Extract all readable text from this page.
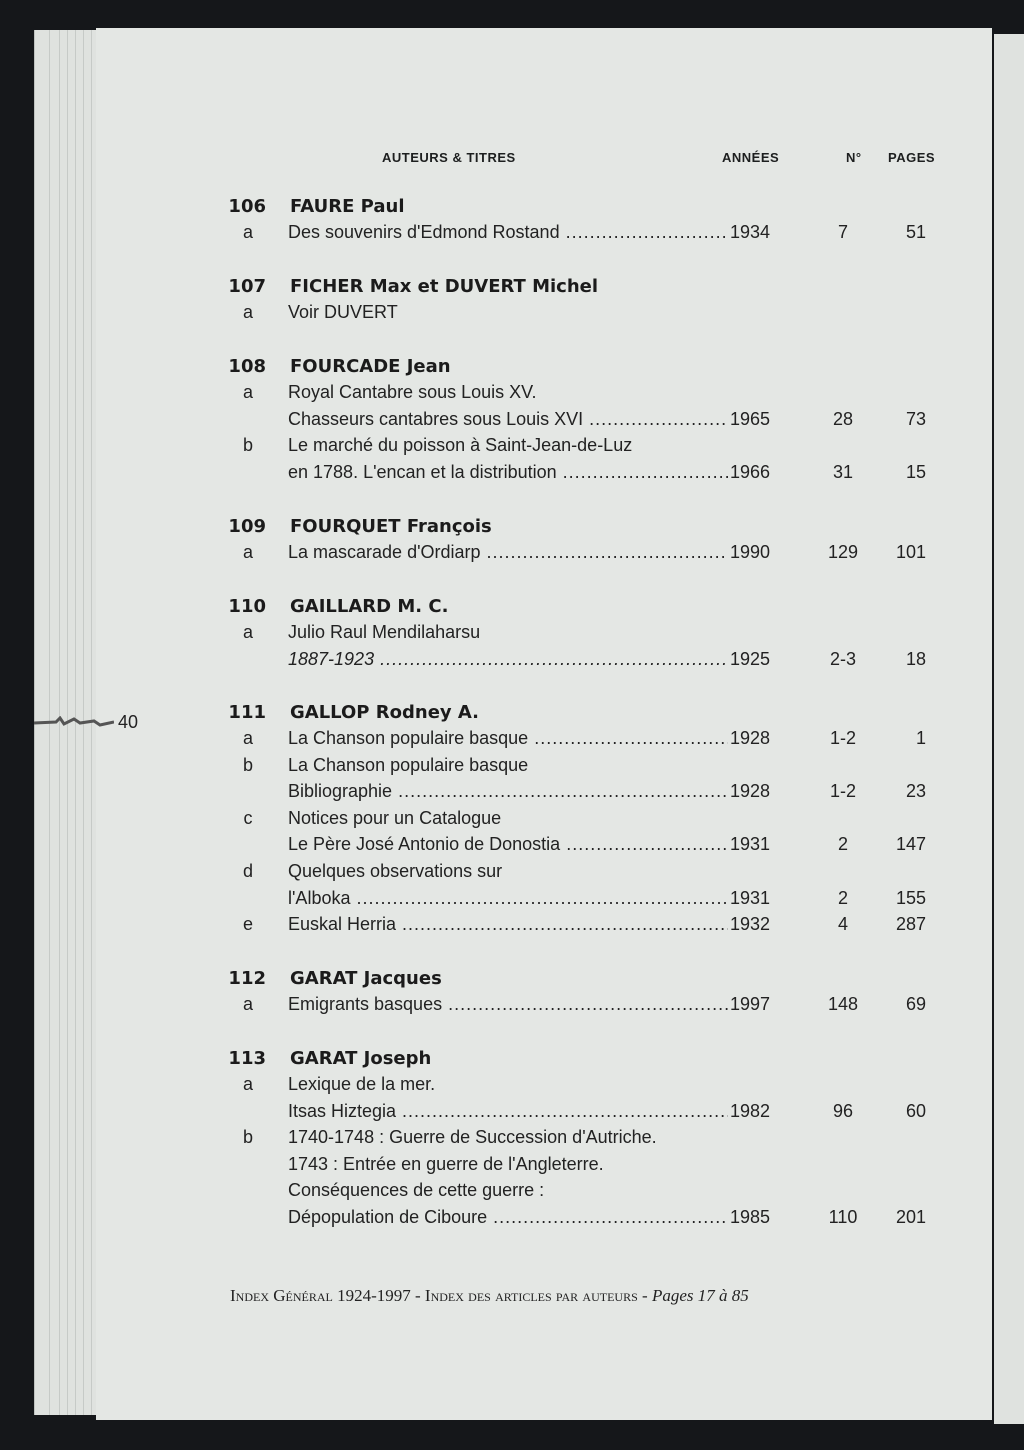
40
AUTEURS & TITRES	ANNÉES	N° PAGES
106 FAURE Paul
a Des souvenirs d'Edmond Rostand .....	1934	7	51
107 FICHER Max et DUVERT Michel
a Voir DUVERT
108 FOURCADE Jean
a Royal Cantabre sous Louis XV.
Chasseurs cantabres sous Louis XVI .....	1965	28	73
b Le marché du poisson à Saint-Jean-de-Luz
en 1788. L'encan et la distribution .....	1966	31	15
109 FOURQUET François
a La mascarade d'Ordiarp .....	1990	129	101
110 GAILLARD M. C.
a Julio Raul Mendilaharsu
1887-1923 .....	1925	2-3	18
111 GALLOP Rodney A.
a La Chanson populaire basque .....	1928	1-2	1
b La Chanson populaire basque
Bibliographie .....	1928	1-2	23
c	Notices pour un Catalogue
Le Père José Antonio de Donostia .....	1931	2	147
d Quelques observations sur
l'Alboka .....	1931	2	155
e Euskal Herria .....	1932	4	287
112 GARAT Jacques
a Emigrants basques .....	1997	148	69
113 GARAT Joseph
a Lexique de la mer.
Itsas Hiztegia .....	1982	96	60
b 1740-1748 : Guerre de Succession d'Autriche.
1743 : Entrée en guerre de l'Angleterre.
Conséquences de cette guerre :
Dépopulation de Ciboure .....	1985	110	201
Index Général 1924-1997 - Index des articles par auteurs - Pages 17 à 85
